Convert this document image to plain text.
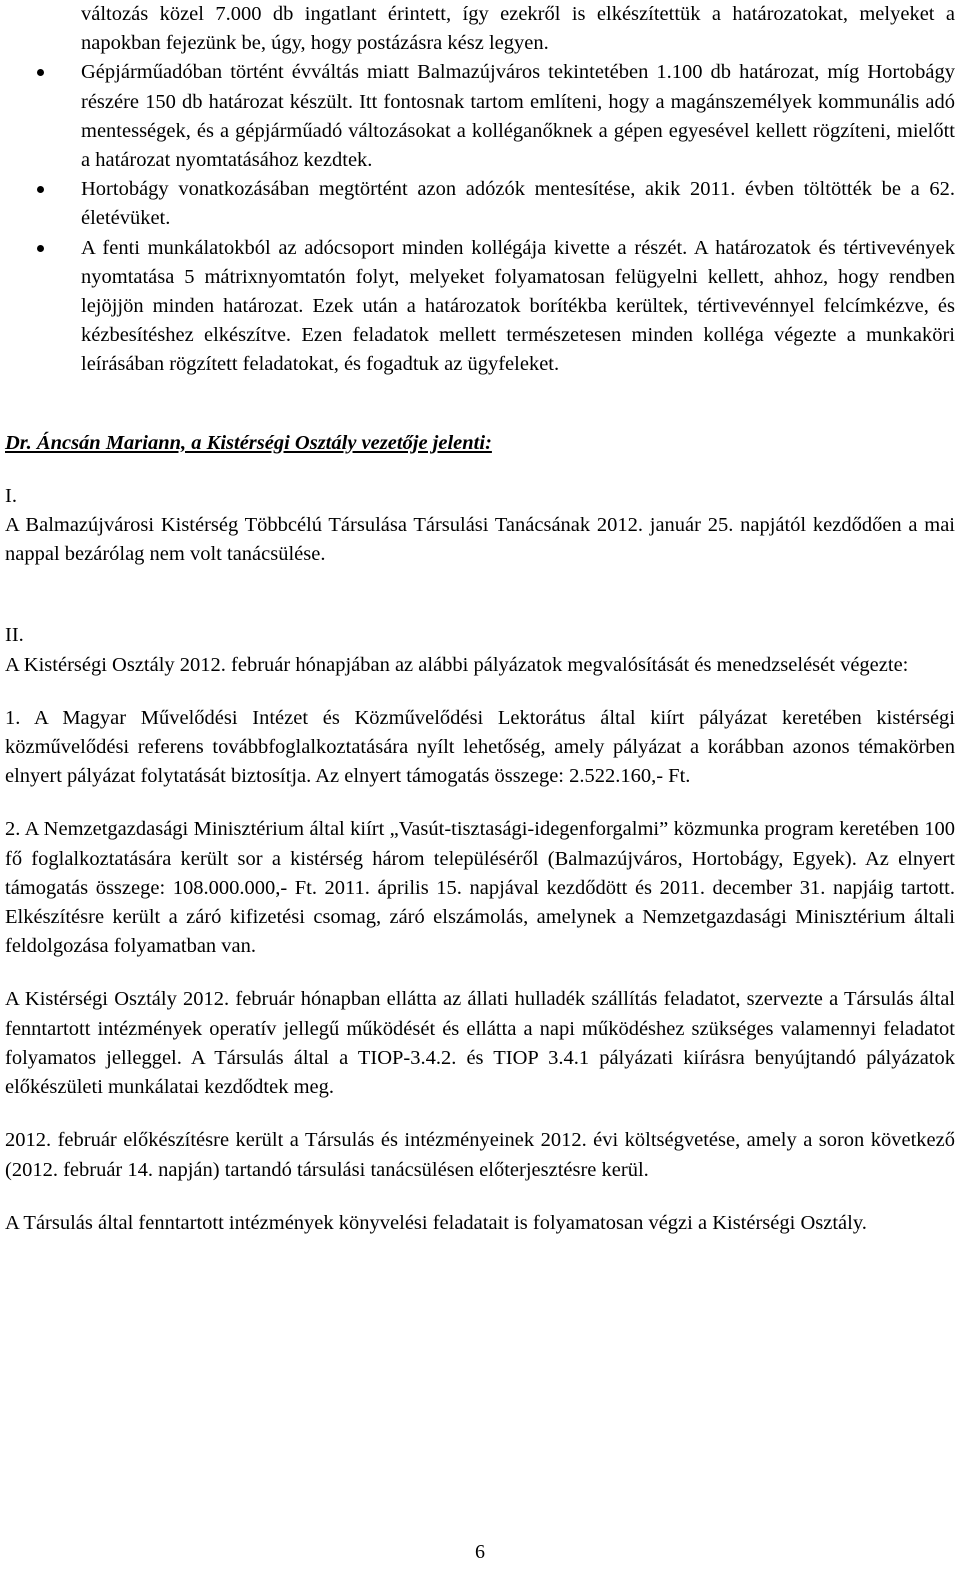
változás közel 7.000 db ingatlant érintett, így ezekről is elkészítettük a határozatokat, melyeket a napokban fejezünk be, úgy, hogy postázásra kész legyen.

Gépjárműadóban történt évváltás miatt Balmazújváros tekintetében 1.100 db határozat, míg Hortobágy részére 150 db határozat készült. Itt fontosnak tartom említeni, hogy a magánszemélyek kommunális adó mentességek, és a gépjárműadó változásokat a kolléganőknek a gépen egyesével kellett rögzíteni, mielőtt a határozat nyomtatásához kezdtek.
Hortobágy vonatkozásában megtörtént azon adózók mentesítése, akik 2011. évben töltötték be a 62. életévüket.
A fenti munkálatokból az adócsoport minden kollégája kivette a részét. A határozatok és tértivevények nyomtatása 5 mátrixnyomtatón folyt, melyeket folyamatosan felügyelni kellett, ahhoz, hogy rendben lejöjjön minden határozat. Ezek után a határozatok borítékba kerültek, tértivevénnyel felcímkézve, és kézbesítéshez elkészítve. Ezen feladatok mellett természetesen minden kolléga végezte a munkaköri leírásában rögzített feladatokat, és fogadtuk az ügyfeleket.

Dr. Áncsán Mariann, a Kistérségi Osztály vezetője jelenti:

I.

A Balmazújvárosi Kistérség Többcélú Társulása Társulási Tanácsának 2012. január 25. napjától kezdődően a mai nappal bezárólag nem volt tanácsülése.

II.

A Kistérségi Osztály 2012. február hónapjában az alábbi pályázatok megvalósítását és menedzselését végezte:

1. A Magyar Művelődési Intézet és Közművelődési Lektorátus által kiírt pályázat keretében kistérségi közművelődési referens továbbfoglalkoztatására nyílt lehetőség, amely pályázat a korábban azonos témakörben elnyert pályázat folytatását biztosítja. Az elnyert támogatás összege: 2.522.160,- Ft.

2. A Nemzetgazdasági Minisztérium által kiírt „Vasút-tisztasági-idegenforgalmi” közmunka program keretében 100 fő foglalkoztatására került sor a kistérség három településéről (Balmazújváros, Hortobágy, Egyek). Az elnyert támogatás összege: 108.000.000,- Ft. 2011. április 15. napjával kezdődött és 2011. december 31. napjáig tartott. Elkészítésre került a záró kifizetési csomag, záró elszámolás, amelynek a Nemzetgazdasági Minisztérium általi feldolgozása folyamatban van.

A Kistérségi Osztály 2012. február hónapban ellátta az állati hulladék szállítás feladatot, szervezte a Társulás által fenntartott intézmények operatív jellegű működését és ellátta a napi működéshez szükséges valamennyi feladatot folyamatos jelleggel. A Társulás által a TIOP-3.4.2. és TIOP 3.4.1 pályázati kiírásra benyújtandó pályázatok előkészületi munkálatai kezdődtek meg.

2012. február előkészítésre került a Társulás és intézményeinek 2012. évi költségvetése, amely a soron következő (2012. február 14. napján) tartandó társulási tanácsülésen előterjesztésre kerül.

A Társulás által fenntartott intézmények könyvelési feladatait is folyamatosan végzi a Kistérségi Osztály.

6
